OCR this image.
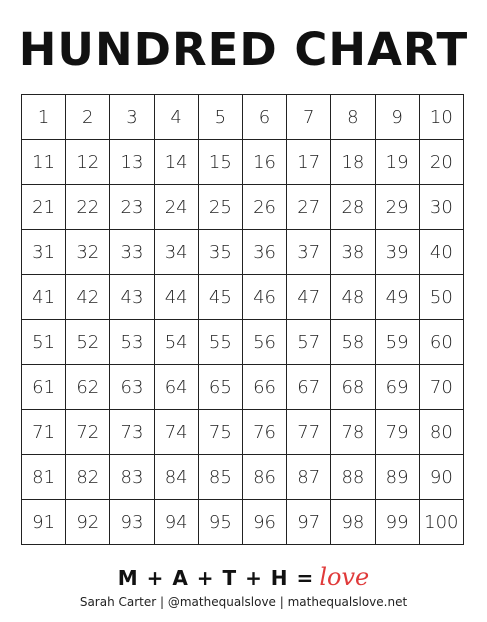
HUNDRED CHART
1	2	3	4	5	6	7	8	9	10
11	12	13	14	15	16	17	18	19	20
21	22	23	24	25	26	27	28	29	30
31	32	33	34	35	36	37	38	39	40
41	42	43	44	45	46	47	48	49	50
51	52	53	54	55	56	57	58	59	60
61	62	63	64	65	66	67	68	69	70
71	72	73	74	75	76	77	78	79	80
81	82	83	84	85	86	87	88	89	90
91	92	93	94	95	96	97	98	99	100
M + A + T + H = love
Sarah Carter | @mathequalslove | mathequalslove.net
